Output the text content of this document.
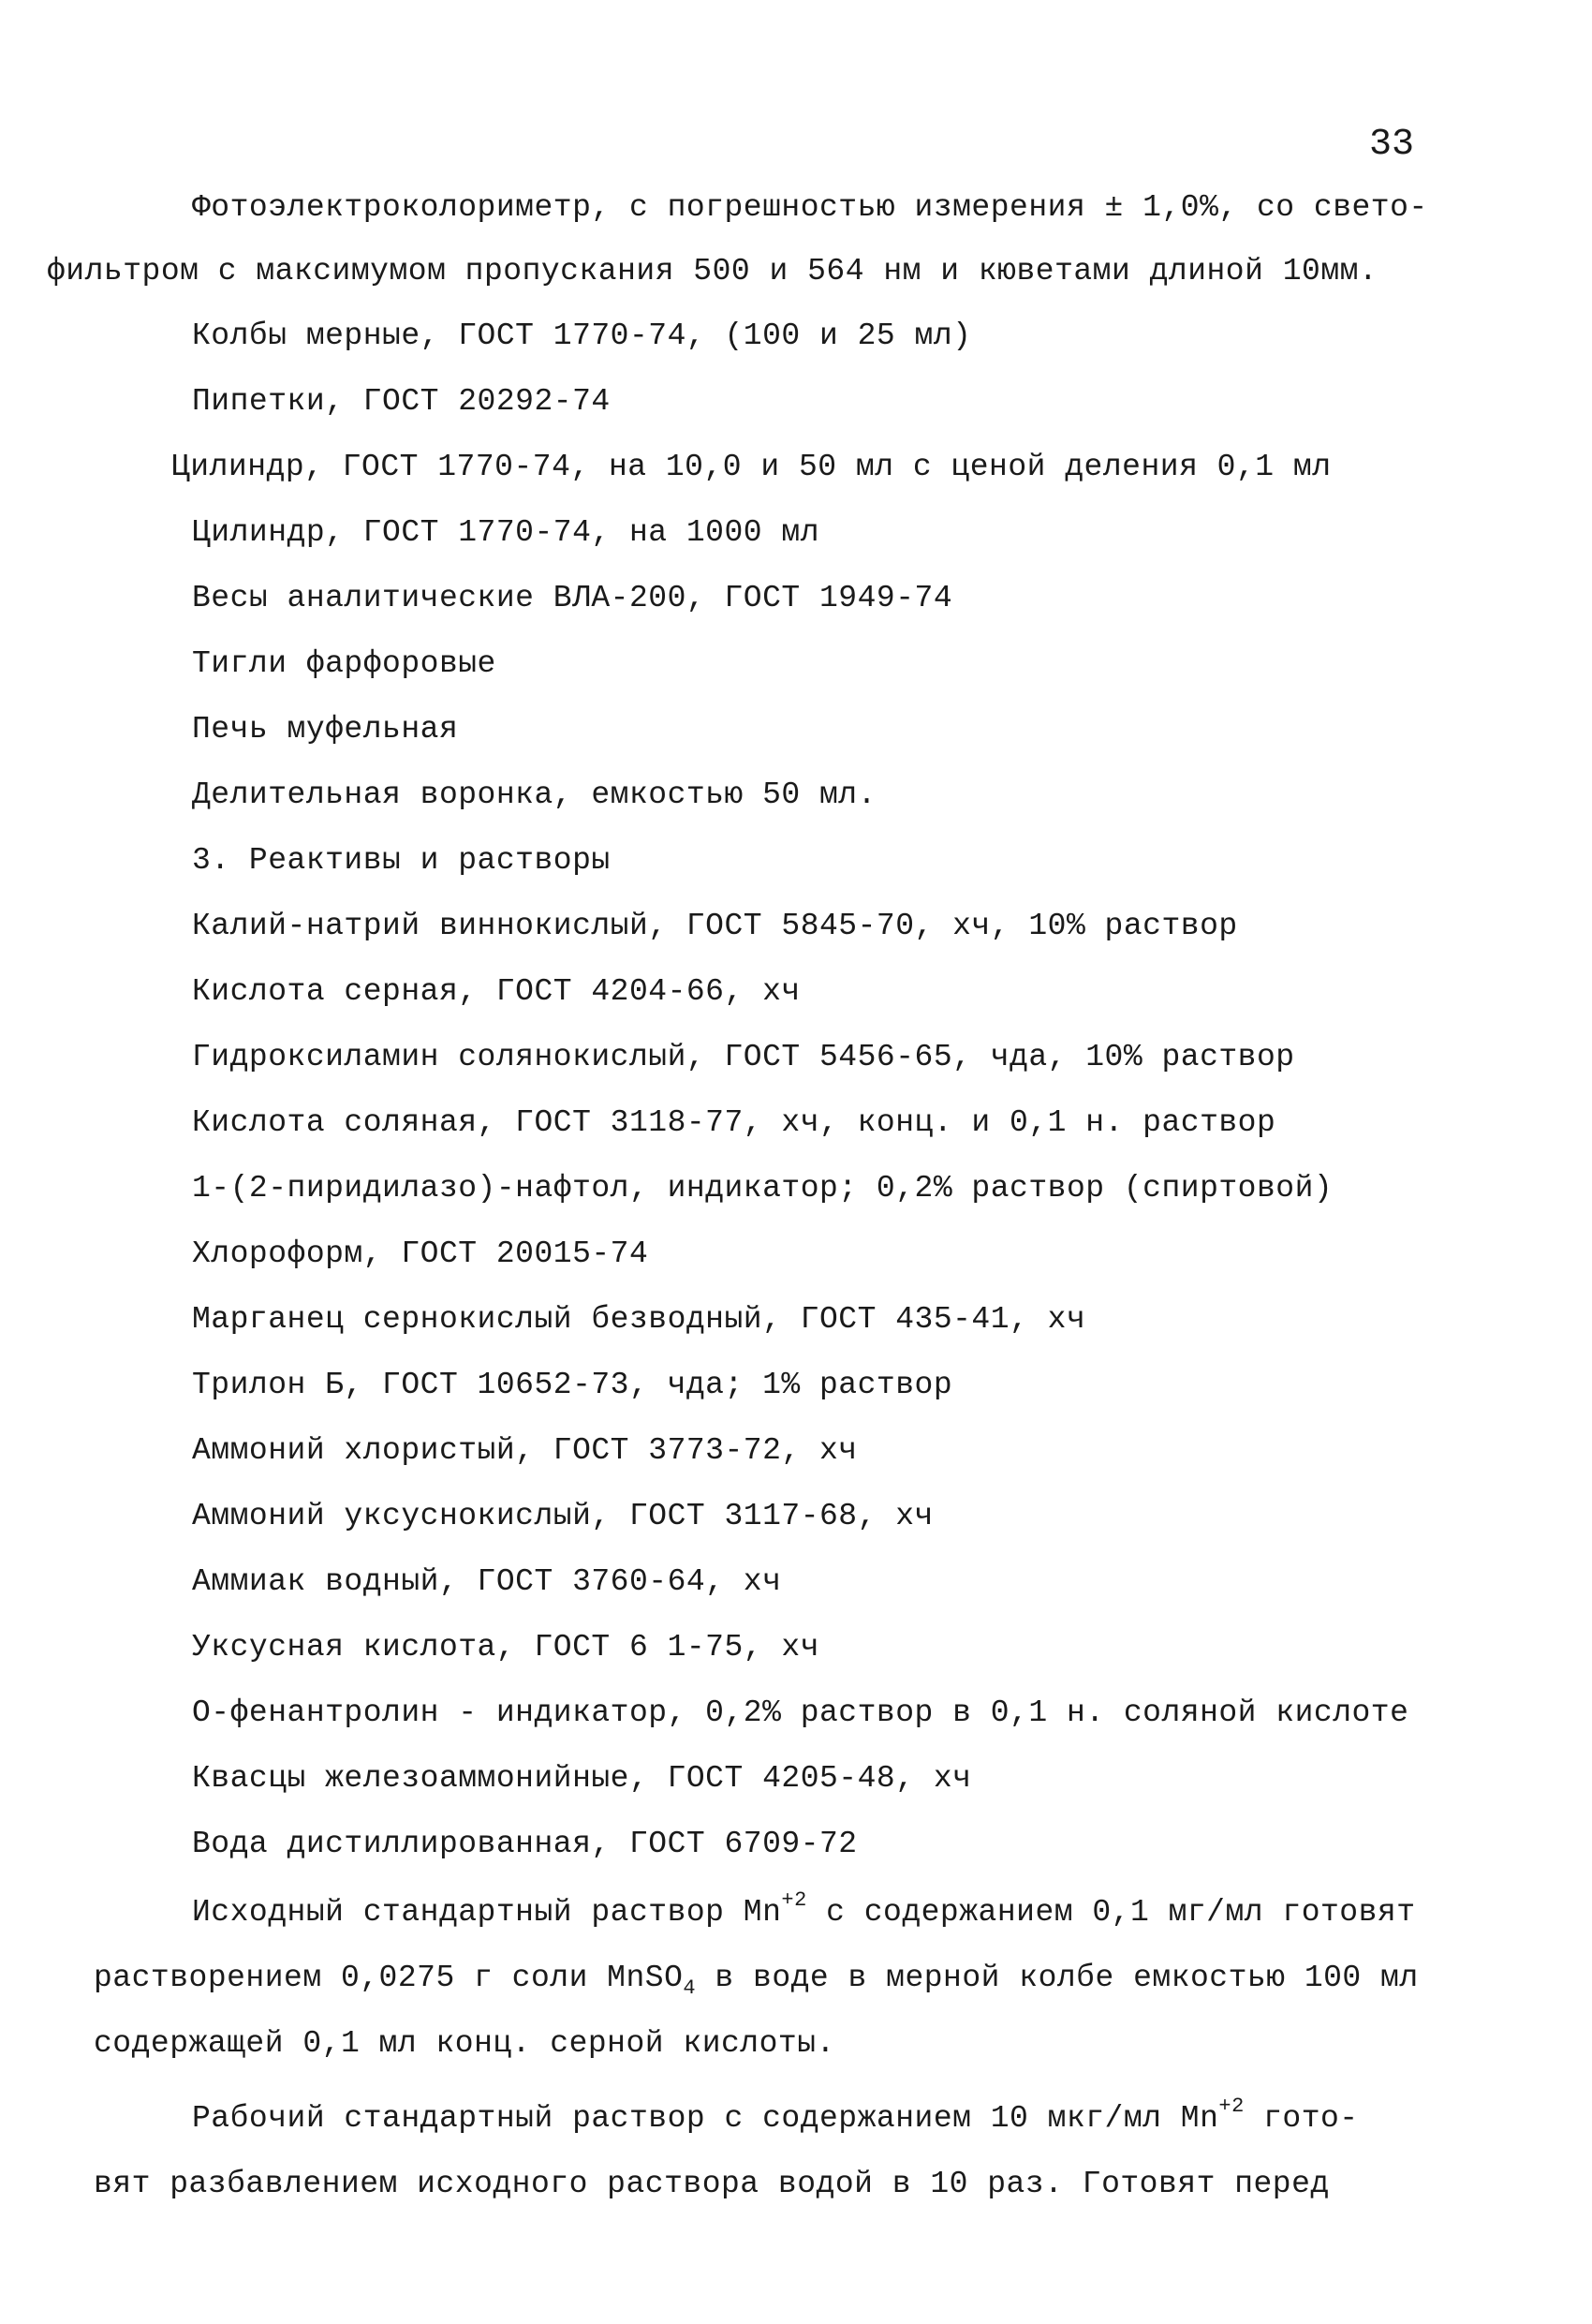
33
Фотоэлектроколориметр, с погрешностью измерения ± 1,0%, со свето-
фильтром с максимумом пропускания 500 и 564 нм и кюветами длиной 10мм.
Колбы мерные, ГОСТ 1770-74, (100 и 25 мл)
Пипетки, ГОСТ 20292-74
Цилиндр, ГОСТ 1770-74, на 10,0 и 50 мл с ценой деления 0,1 мл
Цилиндр, ГОСТ 1770-74, на 1000 мл
Весы аналитические ВЛА-200, ГОСТ 1949-74
Тигли фарфоровые
Печь муфельная
Делительная воронка, емкостью 50 мл.
3. Реактивы и растворы
Калий-натрий виннокислый, ГОСТ 5845-70, хч, 10% раствор
Кислота серная, ГОСТ 4204-66, хч
Гидроксиламин солянокислый, ГОСТ 5456-65, чда, 10% раствор
Кислота соляная, ГОСТ 3118-77, хч, конц. и 0,1 н. раствор
1-(2-пиридилазо)-нафтол, индикатор; 0,2% раствор (спиртовой)
Хлороформ, ГОСТ 20015-74
Марганец сернокислый безводный, ГОСТ 435-41, хч
Трилон Б, ГОСТ 10652-73, чда; 1% раствор
Аммоний хлористый, ГОСТ 3773-72, хч
Аммоний уксуснокислый, ГОСТ 3117-68, хч
Аммиак водный, ГОСТ 3760-64, хч
Уксусная кислота, ГОСТ 6 1-75, хч
О-фенантролин - индикатор, 0,2% раствор в 0,1 н. соляной кислоте
Квасцы железоаммонийные, ГОСТ 4205-48, хч
Вода дистиллированная, ГОСТ 6709-72
Исходный стандартный раствор $Mn^{+2}$ с содержанием 0,1 мг/мл готовят
растворением 0,0275 г соли MnSO$_4$ в воде в мерной колбе емкостью 100 мл
содержащей 0,1 мл конц. серной кислоты.
Рабочий стандартный раствор с содержанием 10 мкг/мл $Mn^{+2}$ гото-
вят разбавлением исходного раствора водой в 10 раз. Готовят перед
